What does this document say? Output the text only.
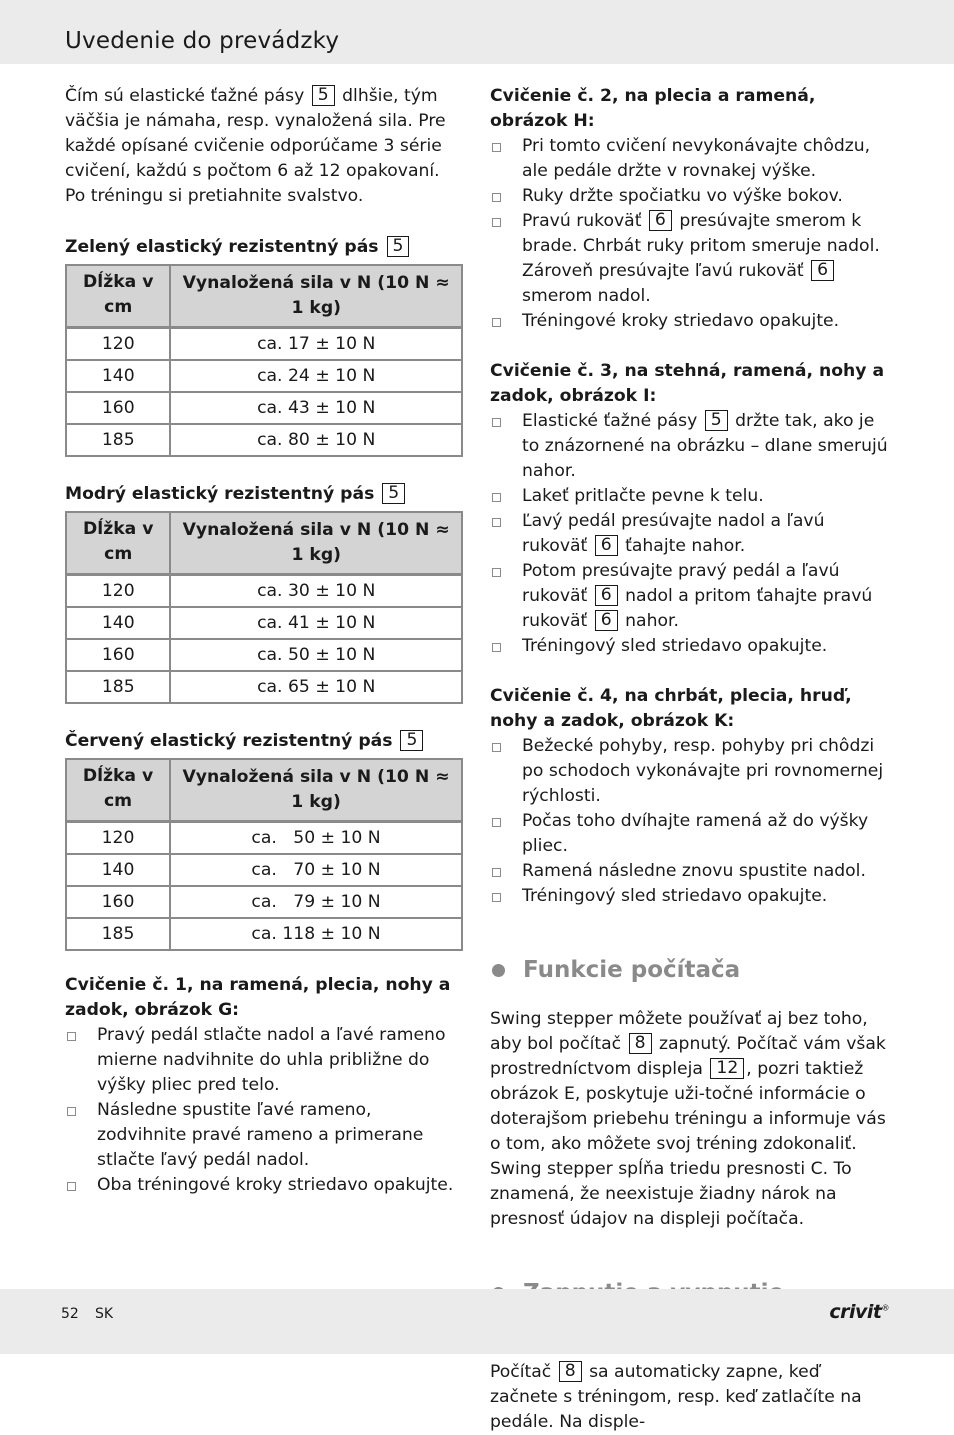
Uvedenie do prevádzky

Čím sú elastické ťažné pásy 5 dlhšie, tým väčšia je námaha, resp. vynaložená sila. Pre každé opísané cvičenie odporúčame 3 série cvičení, každú s počtom 6 až 12 opakovaní. Po tréningu si pretiahnite svalstvo.

Zelený elastický rezistentný pás 5
Dĺžka v cm	Vynaložená sila v N (10 N ≈ 1 kg)
120	ca. 17 ± 10 N
140	ca. 24 ± 10 N
160	ca. 43 ± 10 N
185	ca. 80 ± 10 N
Modrý elastický rezistentný pás 5
Dĺžka v cm	Vynaložená sila v N (10 N ≈ 1 kg)
120	ca. 30 ± 10 N
140	ca. 41 ± 10 N
160	ca. 50 ± 10 N
185	ca. 65 ± 10 N
Červený elastický rezistentný pás 5
Dĺžka v cm	Vynaložená sila v N (10 N ≈ 1 kg)
120	ca.   50 ± 10 N
140	ca.   70 ± 10 N
160	ca.   79 ± 10 N
185	ca. 118 ± 10 N

Cvičenie č. 1, na ramená, plecia, nohy a zadok, obrázok G:

Pravý pedál stlačte nadol a ľavé rameno mierne nadvihnite do uhla približne do výšky pliec pred telo.
Následne spustite ľavé rameno, zodvihnite pravé rameno a primerane stlačte ľavý pedál nadol.
Oba tréningové kroky striedavo opakujte.

Cvičenie č. 2, na plecia a ramená, obrázok H:

Pri tomto cvičení nevykonávajte chôdzu, ale pedále držte v rovnakej výške.
Ruky držte spočiatku vo výške bokov.
Pravú rukoväť 6 presúvajte smerom k brade. Chrbát ruky pritom smeruje nadol. Zároveň presúvajte ľavú rukoväť 6 smerom nadol.
Tréningové kroky striedavo opakujte.

Cvičenie č. 3, na stehná, ramená, nohy a zadok, obrázok I:

Elastické ťažné pásy 5 držte tak, ako je to znázornené na obrázku – dlane smerujú nahor.
Lakeť pritlačte pevne k telu.
Ľavý pedál presúvajte nadol a ľavú rukoväť 6 ťahajte nahor.
Potom presúvajte pravý pedál a ľavú rukoväť 6 nadol a pritom ťahajte pravú rukoväť 6 nahor.
Tréningový sled striedavo opakujte.

Cvičenie č. 4, na chrbát, plecia, hruď, nohy a zadok, obrázok K:

Bežecké pohyby, resp. pohyby pri chôdzi po schodoch vykonávajte pri rovnomernej rýchlosti.
Počas toho dvíhajte ramená až do výšky pliec.
Ramená následne znovu spustite nadol.
Tréningový sled striedavo opakujte.
Funkcie počítača

Swing stepper môžete používať aj bez toho, aby bol počítač 8 zapnutý. Počítač vám však prostredníctvom displeja 12 , pozri taktiež obrázok E, poskytuje uži-točné informácie o doterajšom priebehu tréningu a informuje vás o tom, ako môžete svoj tréning zdokonaliť.

Swing stepper spĺňa triedu presnosti C. To znamená, že neexistuje žiadny nárok na presnosť údajov na displeji počítača.

Počítač 8 sa automaticky zapne, keď začnete s tréningom, resp. keď zatlačíte na pedále. Na disple-

52 SK	crivit®
